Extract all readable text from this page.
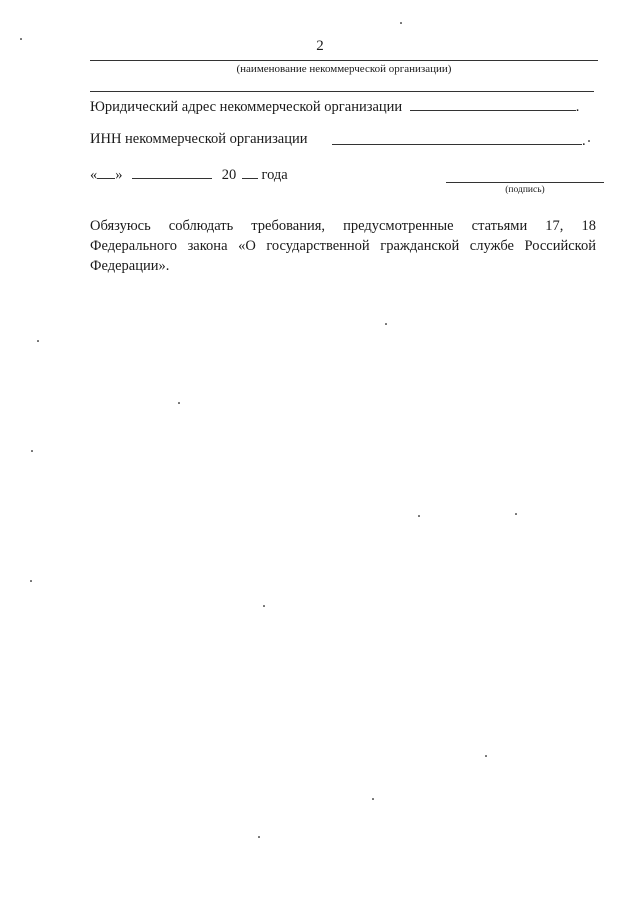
2
(наименование некоммерческой организации)
Юридический адрес некоммерческой организации	.
ИНН некоммерческой организации	.
« »	20 года
(подпись)
Обязуюсь соблюдать требования, предусмотренные статьями 17, 18 Федерального закона «О государственной гражданской службе Российской Федерации».
